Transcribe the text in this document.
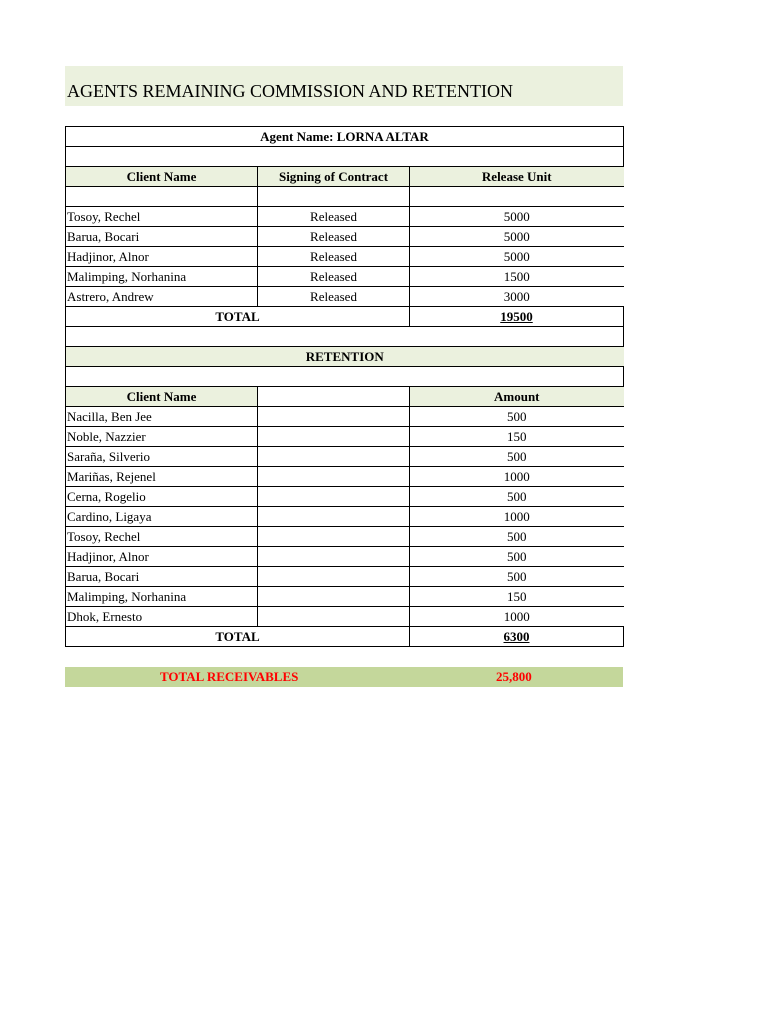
AGENTS REMAINING COMMISSION AND RETENTION
Agent Name: LORNA ALTAR		

Client Name	Signing of Contract	Release Unit

Tosoy, Rechel	Released	5000
Barua, Bocari	Released	5000
Hadjinor, Alnor	Released	5000
Malimping, Norhanina	Released	1500
Astrero, Andrew	Released	3000
TOTAL		19500

RETENTION		

Client Name		Amount
Nacilla, Ben Jee		500
Noble, Nazzier		150
Saraña, Silverio		500
Mariñas, Rejenel		1000
Cerna, Rogelio		500
Cardino, Ligaya		1000
Tosoy, Rechel		500
Hadjinor, Alnor		500
Barua, Bocari		500
Malimping, Norhanina		150
Dhok, Ernesto		1000
TOTAL		6300
TOTAL RECEIVABLES	25,800
